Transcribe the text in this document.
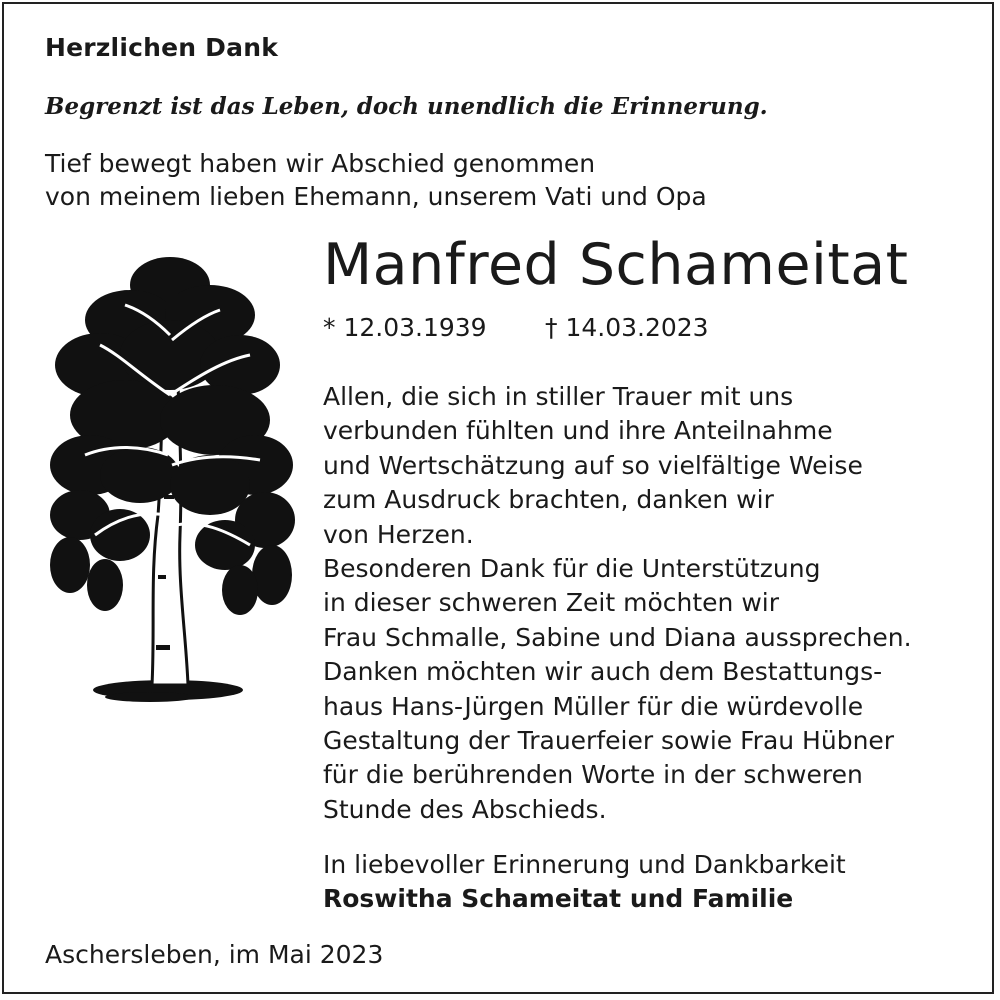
Herzlichen Dank
Begrenzt ist das Leben, doch unendlich die Erinnerung.
Tief bewegt haben wir Abschied genommen
von meinem lieben Ehemann, unserem Vati und Opa
Manfred Schameitat
* 12.03.1939 † 14.03.2023
Allen, die sich in stiller Trauer mit uns
verbunden fühlten und ihre Anteilnahme
und Wertschätzung auf so vielfältige Weise
zum Ausdruck brachten, danken wir
von Herzen.
Besonderen Dank für die Unterstützung
in dieser schweren Zeit möchten wir
Frau Schmalle, Sabine und Diana aussprechen.
Danken möchten wir auch dem Bestattungs-
haus Hans-Jürgen Müller für die würdevolle
Gestaltung der Trauerfeier sowie Frau Hübner
für die berührenden Worte in der schweren
Stunde des Abschieds.
In liebevoller Erinnerung und Dankbarkeit
Roswitha Schameitat und Familie
Aschersleben, im Mai 2023
